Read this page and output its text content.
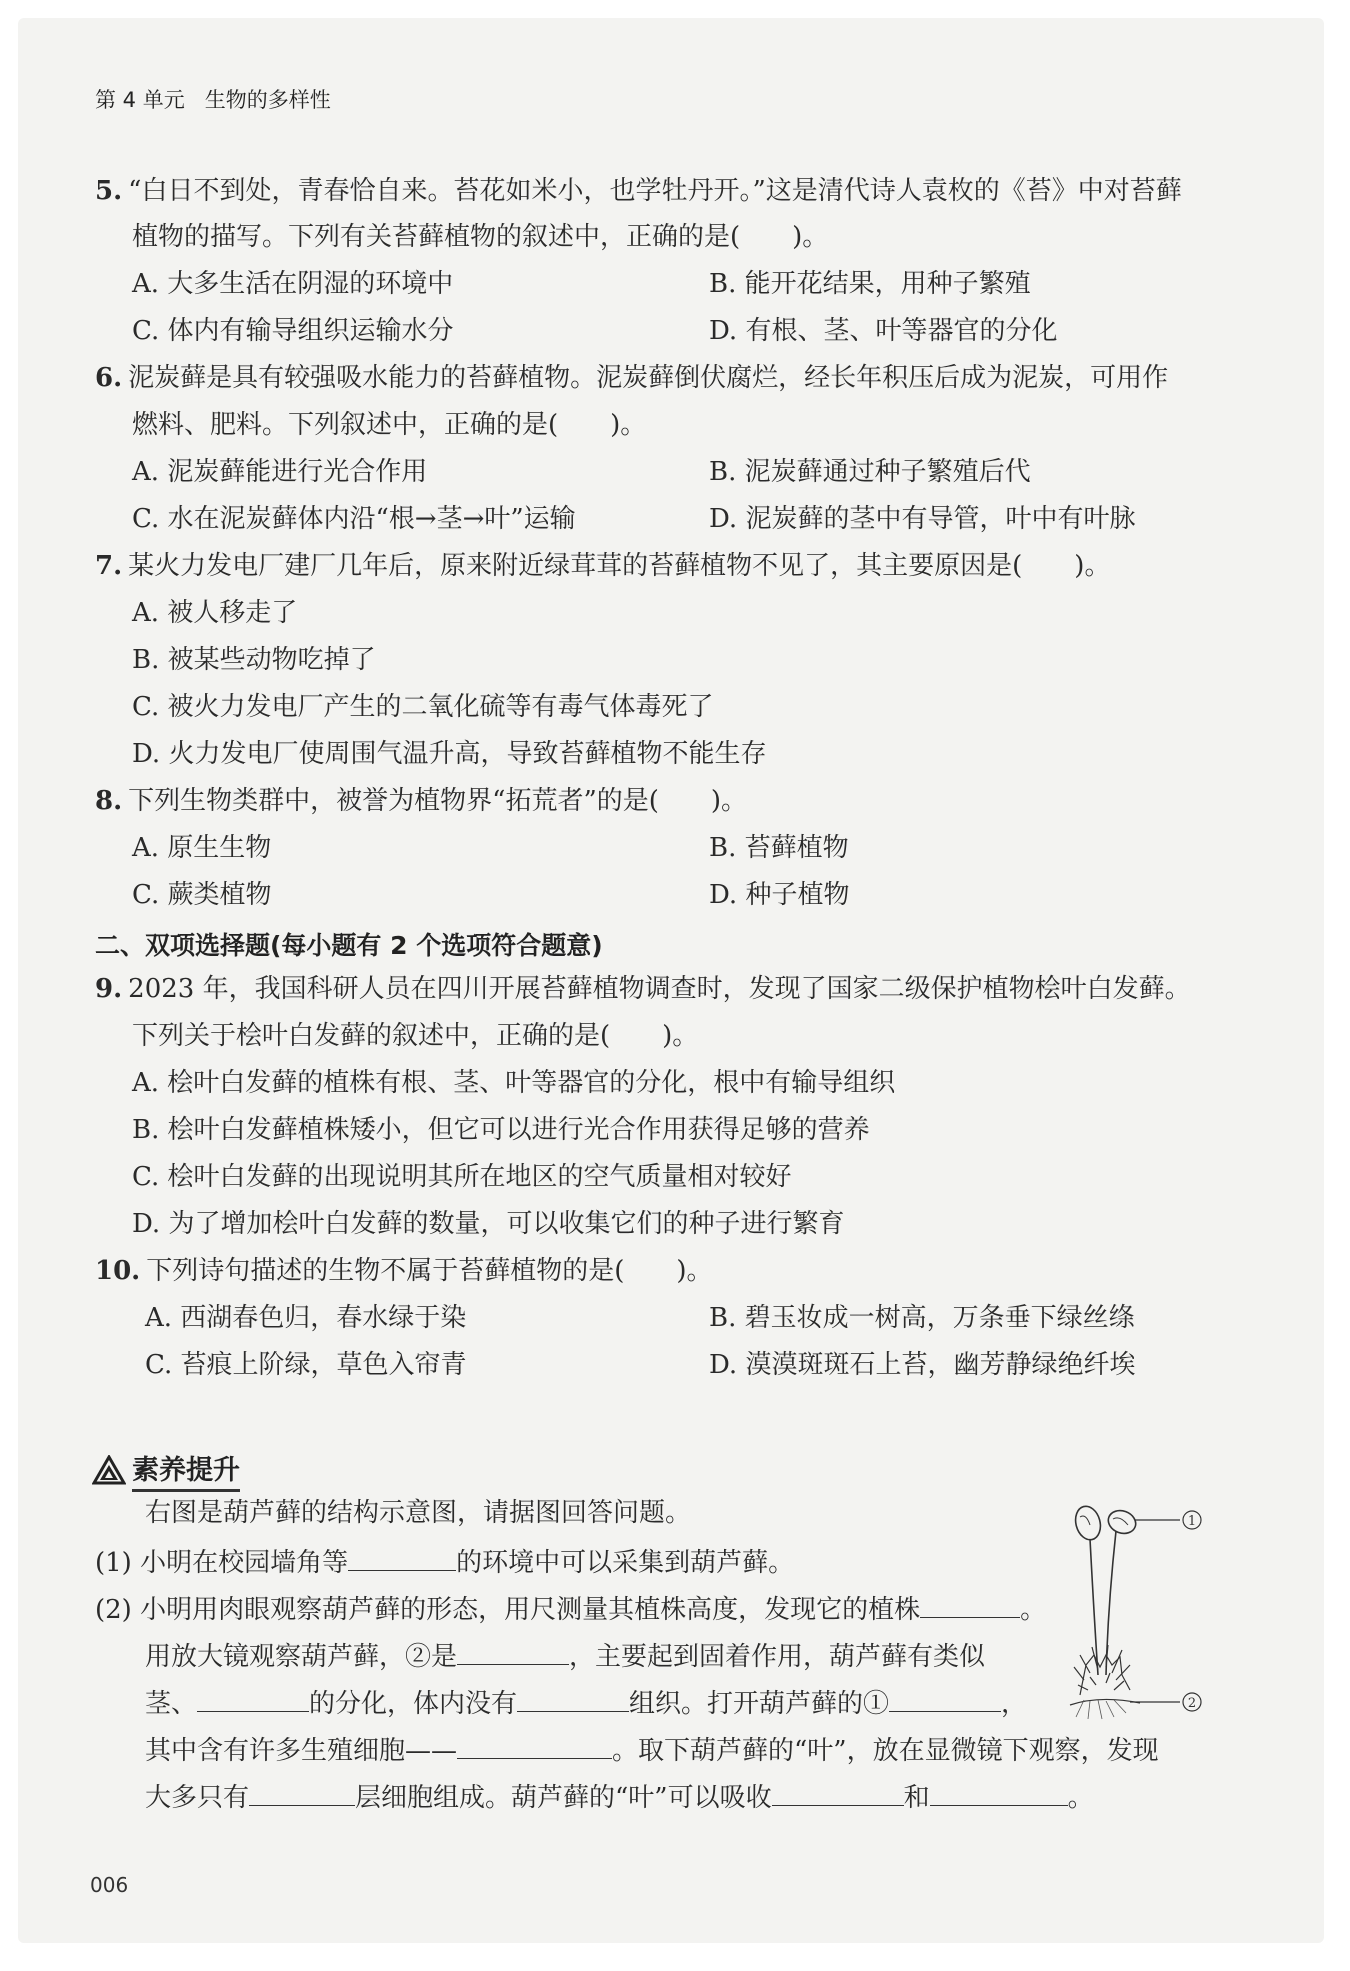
第 4 单元 生物的多样性
5. “白日不到处，青春恰自来。苔花如米小，也学牡丹开。”这是清代诗人袁枚的《苔》中对苔藓
植物的描写。下列有关苔藓植物的叙述中，正确的是(　　)。
A. 大多生活在阴湿的环境中	B. 能开花结果，用种子繁殖
C. 体内有输导组织运输水分	D. 有根、茎、叶等器官的分化
6. 泥炭藓是具有较强吸水能力的苔藓植物。泥炭藓倒伏腐烂，经长年积压后成为泥炭，可用作
燃料、肥料。下列叙述中，正确的是(　　)。
A. 泥炭藓能进行光合作用	B. 泥炭藓通过种子繁殖后代
C. 水在泥炭藓体内沿“根→茎→叶”运输	D. 泥炭藓的茎中有导管，叶中有叶脉
7. 某火力发电厂建厂几年后，原来附近绿茸茸的苔藓植物不见了，其主要原因是(　　)。
A. 被人移走了
B. 被某些动物吃掉了
C. 被火力发电厂产生的二氧化硫等有毒气体毒死了
D. 火力发电厂使周围气温升高，导致苔藓植物不能生存
8. 下列生物类群中，被誉为植物界“拓荒者”的是(　　)。
A. 原生生物	B. 苔藓植物
C. 蕨类植物	D. 种子植物
二、双项选择题(每小题有 2 个选项符合题意)
9. 2023 年，我国科研人员在四川开展苔藓植物调查时，发现了国家二级保护植物桧叶白发藓。
下列关于桧叶白发藓的叙述中，正确的是(　　)。
A. 桧叶白发藓的植株有根、茎、叶等器官的分化，根中有输导组织
B. 桧叶白发藓植株矮小，但它可以进行光合作用获得足够的营养
C. 桧叶白发藓的出现说明其所在地区的空气质量相对较好
D. 为了增加桧叶白发藓的数量，可以收集它们的种子进行繁育
10. 下列诗句描述的生物不属于苔藓植物的是(　　)。
A. 西湖春色归，春水绿于染	B. 碧玉妆成一树高，万条垂下绿丝绦
C. 苔痕上阶绿，草色入帘青	D. 漠漠斑斑石上苔，幽芳静绿绝纤埃
素养提升
右图是葫芦藓的结构示意图，请据图回答问题。
(1) 小明在校园墙角等	的环境中可以采集到葫芦藓。
(2) 小明用肉眼观察葫芦藓的形态，用尺测量其植株高度，发现它的植株	。
用放大镜观察葫芦藓，②是	，主要起到固着作用，葫芦藓有类似
茎、	的分化，体内没有	组织。打开葫芦藓的①	，
其中含有许多生殖细胞——	。取下葫芦藓的“叶”，放在显微镜下观察，发现
大多只有	层细胞组成。葫芦藓的“叶”可以吸收	和	。
1
2
006
